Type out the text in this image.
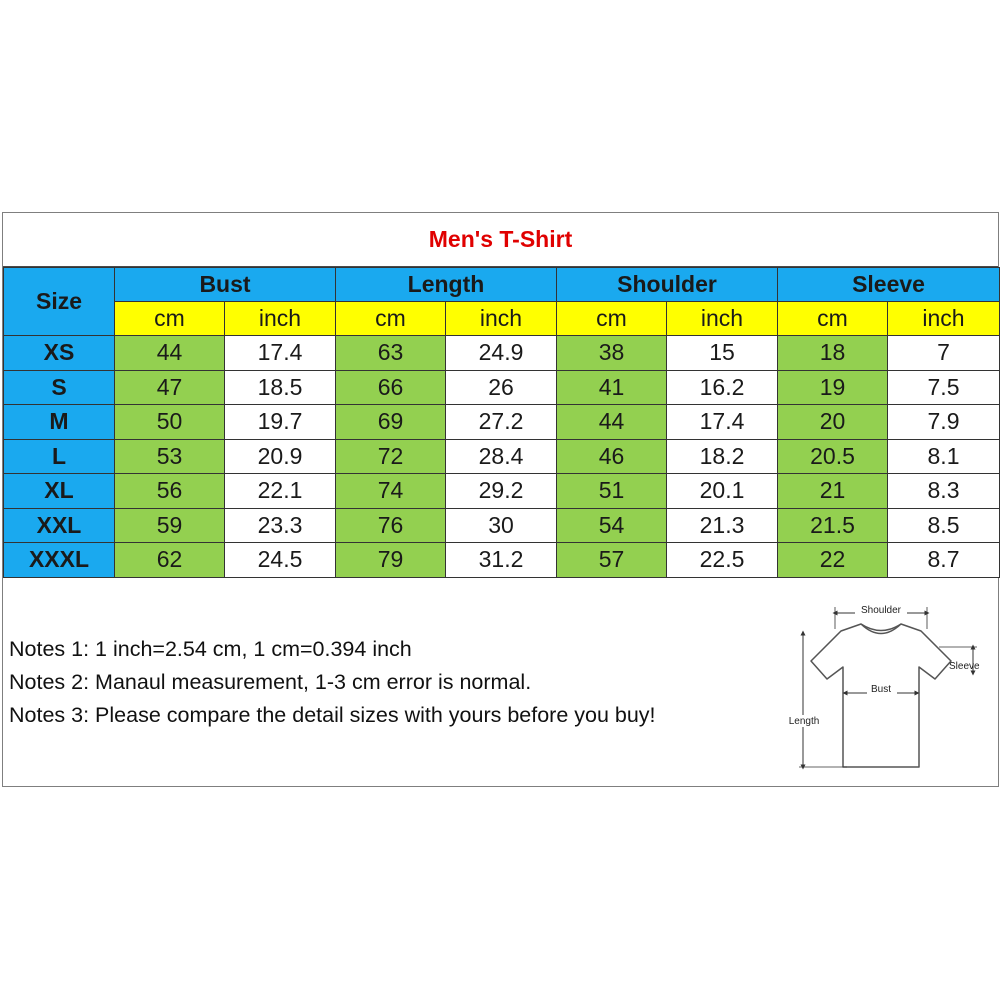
Men's T-Shirt
Size	Bust		Length		Shoulder		Sleeve	
	cm	inch	cm	inch	cm	inch	cm	inch
XS	44	17.4	63	24.9	38	15	18	7
S	47	18.5	66	26	41	16.2	19	7.5
M	50	19.7	69	27.2	44	17.4	20	7.9
L	53	20.9	72	28.4	46	18.2	20.5	8.1
XL	56	22.1	74	29.2	51	20.1	21	8.3
XXL	59	23.3	76	30	54	21.3	21.5	8.5
XXXL	62	24.5	79	31.2	57	22.5	22	8.7
Notes 1: 1 inch=2.54 cm, 1 cm=0.394 inch
Notes 2: Manaul measurement, 1-3 cm error is normal.
Notes 3: Please compare the detail sizes with yours before you buy!
Shoulder
Sleeve
Bust
Length
